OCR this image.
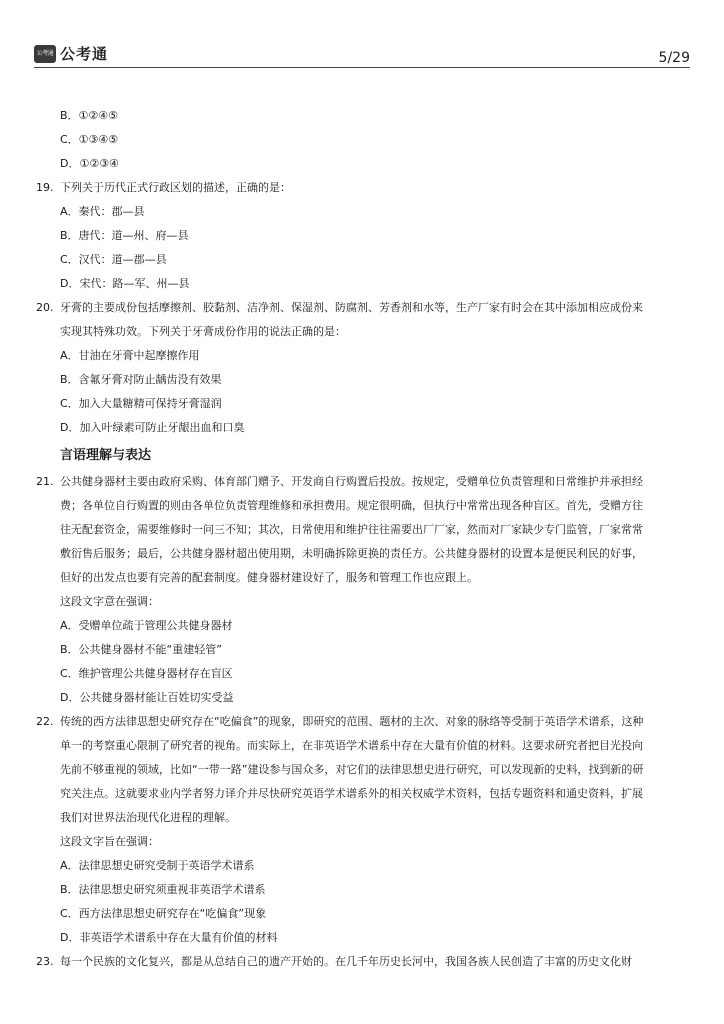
公考通 公考通	5/29
B．①②④⑤
C．①③④⑤
D．①②③④
19. 下列关于历代正式行政区划的描述，正确的是：
A．秦代：郡—县
B．唐代：道—州、府—县
C．汉代：道—郡—县
D．宋代：路—军、州—县
20. 牙膏的主要成份包括摩擦剂、胶黏剂、洁净剂、保湿剂、防腐剂、芳香剂和水等，生产厂家有时会在其中添加相应成份来
实现其特殊功效。下列关于牙膏成份作用的说法正确的是：
A．甘油在牙膏中起摩擦作用
B．含氟牙膏对防止龋齿没有效果
C．加入大量糖精可保持牙膏湿润
D．加入叶绿素可防止牙龈出血和口臭
言语理解与表达
21. 公共健身器材主要由政府采购、体育部门赠予、开发商自行购置后投放。按规定，受赠单位负责管理和日常维护并承担经
费；各单位自行购置的则由各单位负责管理维修和承担费用。规定很明确，但执行中常常出现各种盲区。首先，受赠方往
往无配套资金，需要维修时一问三不知；其次，日常使用和维护往往需要出厂厂家，然而对厂家缺少专门监管，厂家常常
敷衍售后服务；最后，公共健身器材超出使用期，未明确拆除更换的责任方。公共健身器材的设置本是便民利民的好事，
但好的出发点也要有完善的配套制度。健身器材建设好了，服务和管理工作也应跟上。
这段文字意在强调：
A．受赠单位疏于管理公共健身器材
B．公共健身器材不能“重建轻管”
C．维护管理公共健身器材存在盲区
D．公共健身器材能让百姓切实受益
22. 传统的西方法律思想史研究存在“吃偏食”的现象，即研究的范围、题材的主次、对象的脉络等受制于英语学术谱系，这种
单一的考察重心限制了研究者的视角。而实际上，在非英语学术谱系中存在大量有价值的材料。这要求研究者把目光投向
先前不够重视的领域，比如“一带一路”建设参与国众多，对它们的法律思想史进行研究，可以发现新的史料，找到新的研
究关注点。这就要求业内学者努力译介并尽快研究英语学术谱系外的相关权威学术资料，包括专题资料和通史资料，扩展
我们对世界法治现代化进程的理解。
这段文字旨在强调：
A．法律思想史研究受制于英语学术谱系
B．法律思想史研究须重视非英语学术谱系
C．西方法律思想史研究存在“吃偏食”现象
D．非英语学术谱系中存在大量有价值的材料
23. 每一个民族的文化复兴，都是从总结自己的遗产开始的。在几千年历史长河中，我国各族人民创造了丰富的历史文化财
